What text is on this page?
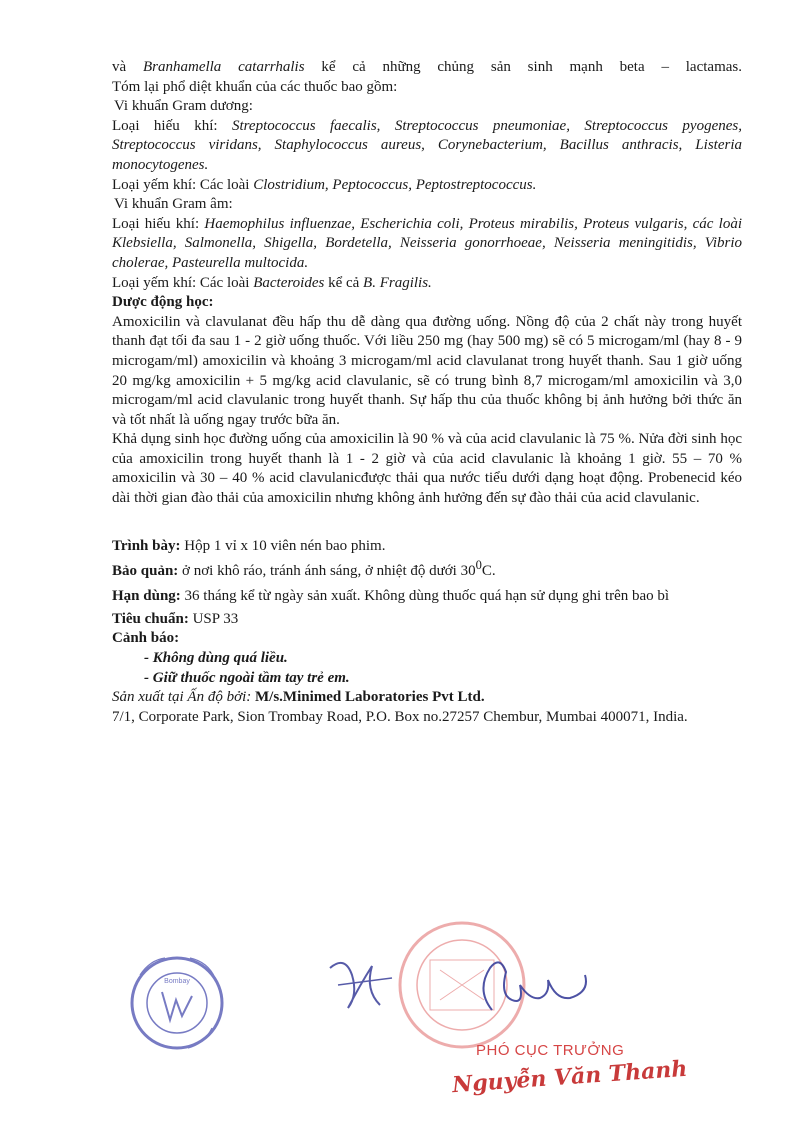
và Branhamella catarrhalis kể cả những chủng sản sinh mạnh beta – lactamas.

Tóm lại phổ diệt khuẩn của các thuốc bao gồm:

Vi khuẩn Gram dương:

Loại hiếu khí: Streptococcus faecalis, Streptococcus pneumoniae, Streptococcus pyogenes, Streptococcus viridans, Staphylococcus aureus, Corynebacterium, Bacillus anthracis, Listeria monocytogenes.

Loại yếm khí: Các loài Clostridium, Peptococcus, Peptostreptococcus.

Vi khuẩn Gram âm:

Loại hiếu khí: Haemophilus influenzae, Escherichia coli, Proteus mirabilis, Proteus vulgaris, các loài Klebsiella, Salmonella, Shigella, Bordetella, Neisseria gonorrhoeae, Neisseria meningitidis, Vibrio cholerae, Pasteurella multocida.

Loại yếm khí: Các loài Bacteroides kể cả B. Fragilis.

Dược động học:

Amoxicilin và clavulanat đều hấp thu dễ dàng qua đường uống. Nồng độ của 2 chất này trong huyết thanh đạt tối đa sau 1 - 2 giờ uống thuốc. Với liều 250 mg (hay 500 mg) sẽ có 5 microgam/ml (hay 8 - 9 microgam/ml) amoxicilin và khoảng 3 microgam/ml acid clavulanat trong huyết thanh. Sau 1 giờ uống 20 mg/kg amoxicilin + 5 mg/kg acid clavulanic, sẽ có trung bình 8,7 microgam/ml amoxicilin và 3,0 microgam/ml acid clavulanic trong huyết thanh. Sự hấp thu của thuốc không bị ảnh hưởng bởi thức ăn và tốt nhất là uống ngay trước bữa ăn.

Khả dụng sinh học đường uống của amoxicilin là 90 % và của acid clavulanic là 75 %. Nửa đời sinh học của amoxicilin trong huyết thanh là 1 - 2 giờ và của acid clavulanic là khoảng 1 giờ. 55 – 70 % amoxicilin và 30 – 40 % acid clavulanicđược thải qua nước tiểu dưới dạng hoạt động. Probenecid kéo dài thời gian đào thải của amoxicilin nhưng không ảnh hưởng đến sự đào thải của acid clavulanic.

Trình bày: Hộp 1 vỉ x 10 viên nén bao phim.

Bảo quản: ở nơi khô ráo, tránh ánh sáng, ở nhiệt độ dưới $30^0C$.

Hạn dùng: 36 tháng kể từ ngày sản xuất. Không dùng thuốc quá hạn sử dụng ghi trên bao bì

Tiêu chuẩn: USP 33

Cảnh báo:

- Không dùng quá liều.

- Giữ thuốc ngoài tầm tay trẻ em.

Sản xuất tại Ấn độ bởi: M/s.Minimed Laboratories Pvt Ltd.

7/1, Corporate Park, Sion Trombay Road, P.O. Box no.27257 Chembur, Mumbai 400071, India.

Bombay
PHÓ CỤC TRƯỞNG
Nguyễn Văn Thanh
